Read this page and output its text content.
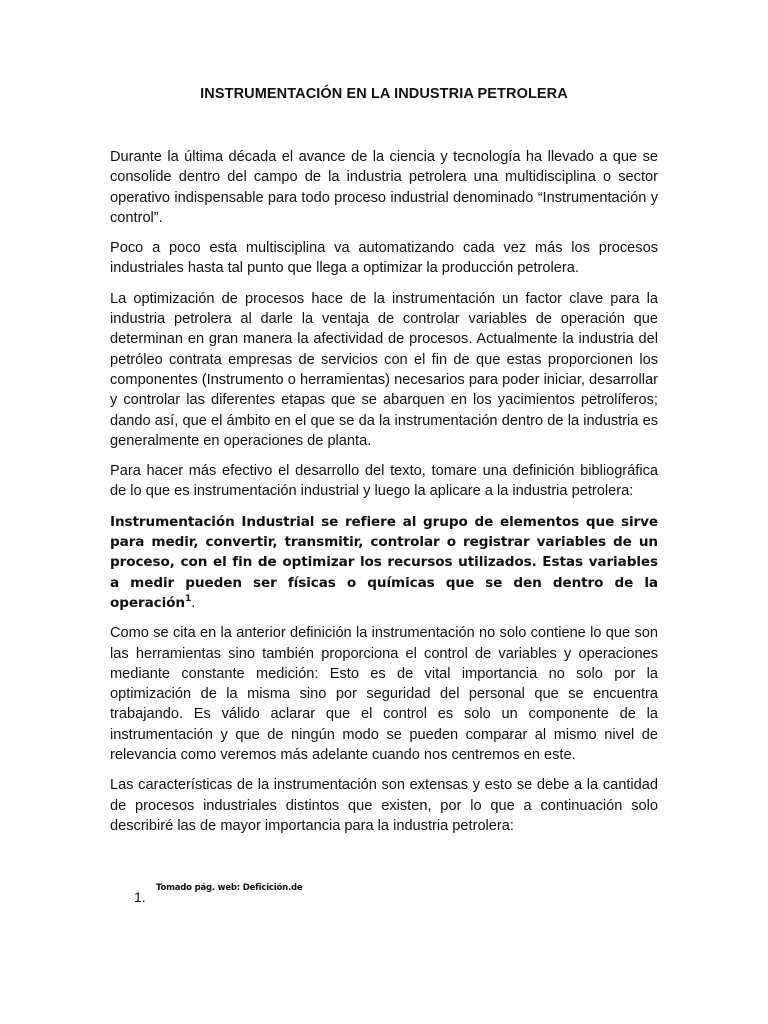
INSTRUMENTACIÓN EN LA INDUSTRIA PETROLERA

Durante la última década el avance de la ciencia y tecnología ha llevado a que se consolide dentro del campo de la industria petrolera una multidisciplina o sector operativo indispensable para todo proceso industrial denominado “Instrumentación y control”.

Poco a poco esta multisciplina va automatizando cada vez más los procesos industriales hasta tal punto que llega a optimizar la producción petrolera.

La optimización de procesos hace de la instrumentación un factor clave para la industria petrolera al darle la ventaja de controlar variables de operación que determinan en gran manera la afectividad de procesos. Actualmente la industria del petróleo contrata empresas de servicios con el fin de que estas proporcionen los componentes (Instrumento o herramientas) necesarios para poder iniciar, desarrollar y controlar las diferentes etapas que se abarquen en los yacimientos petrolíferos; dando así, que el ámbito en el que se da la instrumentación dentro de la industria es generalmente en operaciones de planta.

Para hacer más efectivo el desarrollo del texto, tomare una definición bibliográfica de lo que es instrumentación industrial y luego la aplicare a la industria petrolera:

Instrumentación Industrial se refiere al grupo de elementos que sirve para medir, convertir, transmitir, controlar o registrar variables de un proceso, con el fin de optimizar los recursos utilizados. Estas variables a medir pueden ser físicas o químicas que se den dentro de la operación$^1$.

Como se cita en la anterior definición la instrumentación no solo contiene lo que son las herramientas sino también proporciona el control de variables y operaciones mediante constante medición: Esto es de vital importancia no solo por la optimización de la misma sino por seguridad del personal que se encuentra trabajando. Es válido aclarar que el control es solo un componente de la instrumentación y que de ningún modo se pueden comparar al mismo nivel de relevancia como veremos más adelante cuando nos centremos en este.

Las características de la instrumentación son extensas y esto se debe a la cantidad de procesos industriales distintos que existen, por lo que a continuación solo describiré las de mayor importancia para la industria petrolera:

1.
Tomado pág. web: Deficición.de
